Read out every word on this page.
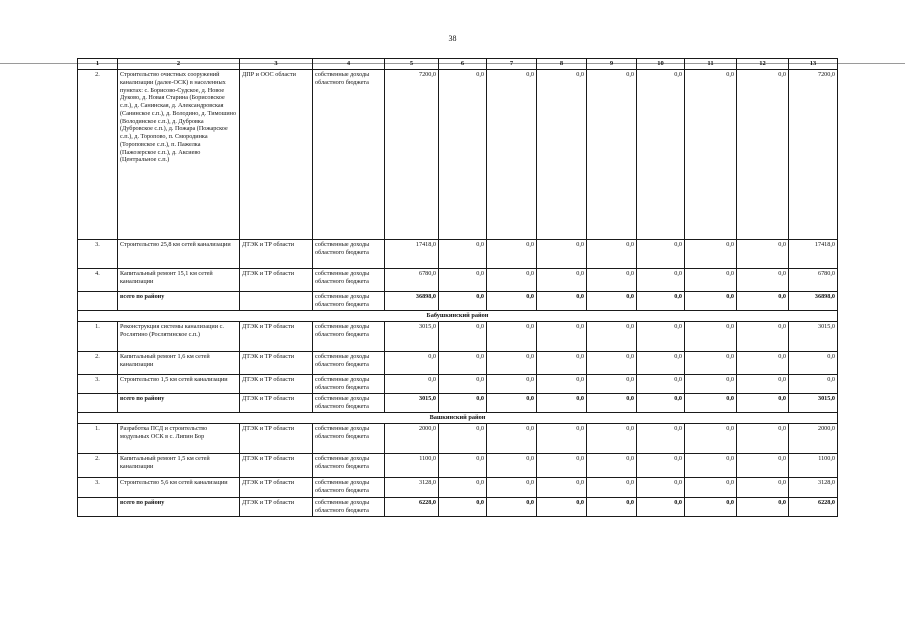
38
1	2	3	4	5	6	7	8	9	10	11	12	13
2.	Строительство очистных сооружений канализации (далее-ОСК) в населенных пунктах: с. Борисово-Судское, д. Новое Дуково, д. Новая Старина (Борисовское с.п.), д. Санинская, д. Александровская (Санинское с.п.), д. Володино, д. Тимошино (Володинское с.п.), д. Дубровка (Дубровское с.п.), д. Пожара (Пожарское с.п.), д. Торопово, п. Смородинка (Тороповское с.п.), п. Пажелка (Пажозерское с.п.), д. Аксиево (Центральное с.п.)	ДПР и ООС области	собственные доходы областного бюджета	7200,0	0,0	0,0	0,0	0,0	0,0	0,0	0,0	7200,0
3.	Строительство 25,8 км сетей канализации	ДТЭК и ТР области	собственные доходы областного бюджета	17418,0	0,0	0,0	0,0	0,0	0,0	0,0	0,0	17418,0
4.	Капитальный ремонт 15,1 км сетей канализации	ДТЭК и ТР области	собственные доходы областного бюджета	6780,0	0,0	0,0	0,0	0,0	0,0	0,0	0,0	6780,0
	всего по району		собственные доходы областного бюджета	36898,0	0,0	0,0	0,0	0,0	0,0	0,0	0,0	36898,0
Бабушкинский район												
1.	Реконструкция системы канализации с. Рослятино (Рослятинское с.п.)	ДТЭК и ТР области	собственные доходы областного бюджета	3015,0	0,0	0,0	0,0	0,0	0,0	0,0	0,0	3015,0
2.	Капитальный ремонт 1,6 км сетей канализации	ДТЭК и ТР области	собственные доходы областного бюджета	0,0	0,0	0,0	0,0	0,0	0,0	0,0	0,0	0,0
3.	Строительство 1,5 км сетей канализации	ДТЭК и ТР области	собственные доходы областного бюджета	0,0	0,0	0,0	0,0	0,0	0,0	0,0	0,0	0,0
	всего по району	ДТЭК и ТР области	собственные доходы областного бюджета	3015,0	0,0	0,0	0,0	0,0	0,0	0,0	0,0	3015,0
Вашкинский район												
1.	Разработка ПСД и строительство модульных ОСК в с. Липин Бор	ДТЭК и ТР области	собственные доходы областного бюджета	2000,0	0,0	0,0	0,0	0,0	0,0	0,0	0,0	2000,0
2.	Капитальный ремонт 1,5 км сетей канализации	ДТЭК и ТР области	собственные доходы областного бюджета	1100,0	0,0	0,0	0,0	0,0	0,0	0,0	0,0	1100,0
3.	Строительство 5,6 км сетей канализации	ДТЭК и ТР области	собственные доходы областного бюджета	3128,0	0,0	0,0	0,0	0,0	0,0	0,0	0,0	3128,0
	всего по району	ДТЭК и ТР области	собственные доходы областного бюджета	6228,0	0,0	0,0	0,0	0,0	0,0	0,0	0,0	6228,0
